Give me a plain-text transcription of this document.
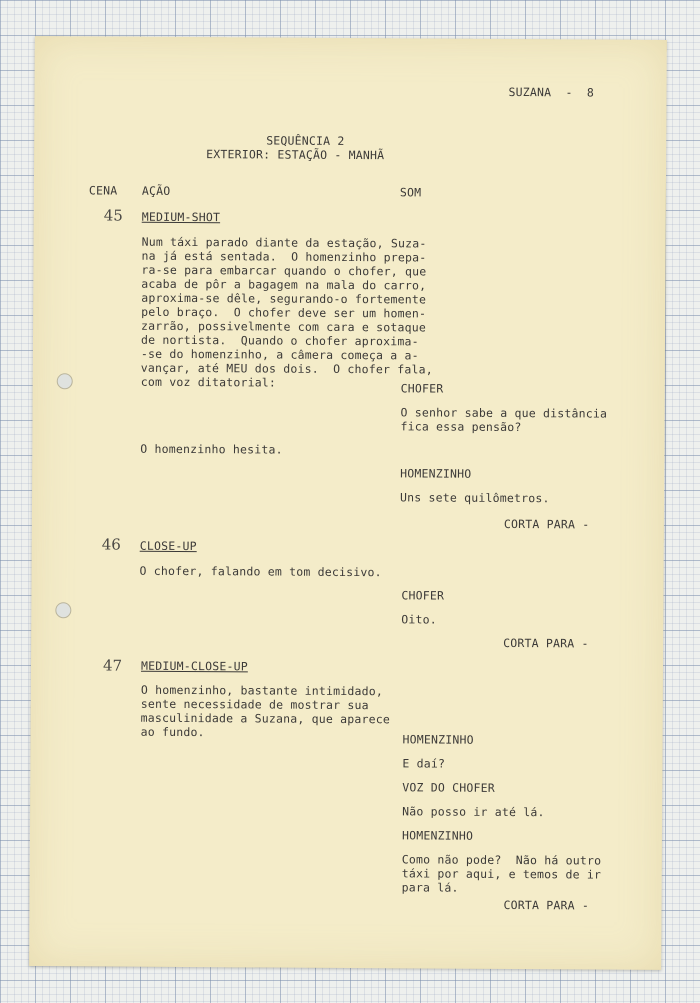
SUZANA  -  8
SEQUÊNCIA 2
EXTERIOR: ESTAÇÃO - MANHÃ
CENA AÇÃO	SOM
45 MEDIUM-SHOT
Num táxi parado diante da estação, Suza-
na já está sentada.  O homenzinho prepa-
ra-se para embarcar quando o chofer, que
acaba de pôr a bagagem na mala do carro,
aproxima-se dêle, segurando-o fortemente
pelo braço.  O chofer deve ser um homen-
zarrão, possivelmente com cara e sotaque
de nortista.  Quando o chofer aproxima-
-se do homenzinho, a câmera começa a a-
vançar, até MEU dos dois.  O chofer fala,
com voz ditatorial:	CHOFER
O senhor sabe a que distância
fica essa pensão?
O homenzinho hesita.
HOMENZINHO
Uns sete quilômetros.
CORTA PARA -
46 CLOSE-UP
O chofer, falando em tom decisivo.
CHOFER
Oito.
CORTA PARA -
47 MEDIUM-CLOSE-UP
O homenzinho, bastante intimidado,
sente necessidade de mostrar sua
masculinidade a Suzana, que aparece
ao fundo.
HOMENZINHO
E daí?
VOZ DO CHOFER
Não posso ir até lá.
HOMENZINHO
Como não pode?  Não há outro
táxi por aqui, e temos de ir
para lá.
CORTA PARA -
